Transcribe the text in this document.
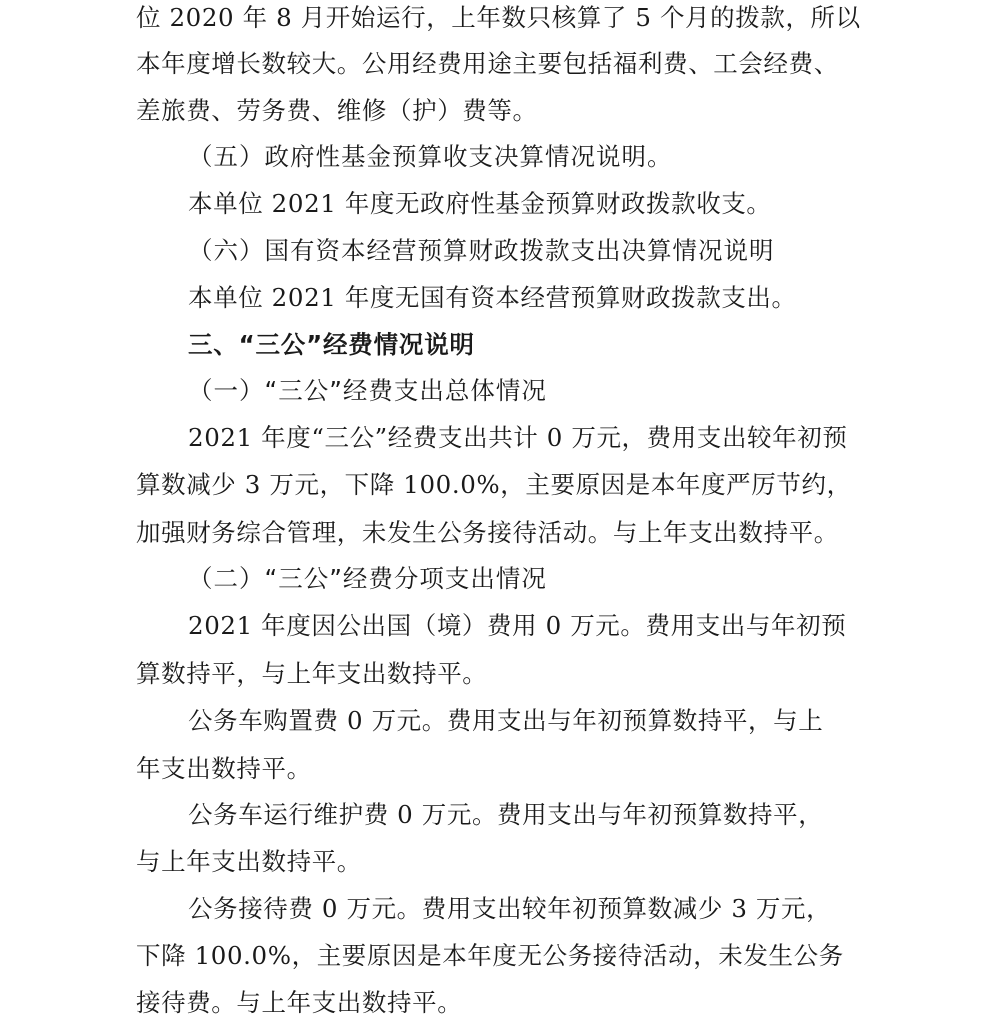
位 2020 年 8 月开始运行，上年数只核算了 5 个月的拨款，所以
本年度增长数较大。公用经费用途主要包括福利费、工会经费、
差旅费、劳务费、维修（护）费等。
（五）政府性基金预算收支决算情况说明。
本单位 2021 年度无政府性基金预算财政拨款收支。
（六）国有资本经营预算财政拨款支出决算情况说明
本单位 2021 年度无国有资本经营预算财政拨款支出。
三、“三公”经费情况说明
（一）“三公”经费支出总体情况
2021 年度“三公”经费支出共计 0 万元，费用支出较年初预
算数减少 3 万元，下降 100.0%，主要原因是本年度严厉节约，
加强财务综合管理，未发生公务接待活动。与上年支出数持平。
（二）“三公”经费分项支出情况
2021 年度因公出国（境）费用 0 万元。费用支出与年初预
算数持平，与上年支出数持平。
公务车购置费 0 万元。费用支出与年初预算数持平，与上
年支出数持平。
公务车运行维护费 0 万元。费用支出与年初预算数持平，
与上年支出数持平。
公务接待费 0 万元。费用支出较年初预算数减少 3 万元，
下降 100.0%，主要原因是本年度无公务接待活动，未发生公务
接待费。与上年支出数持平。
